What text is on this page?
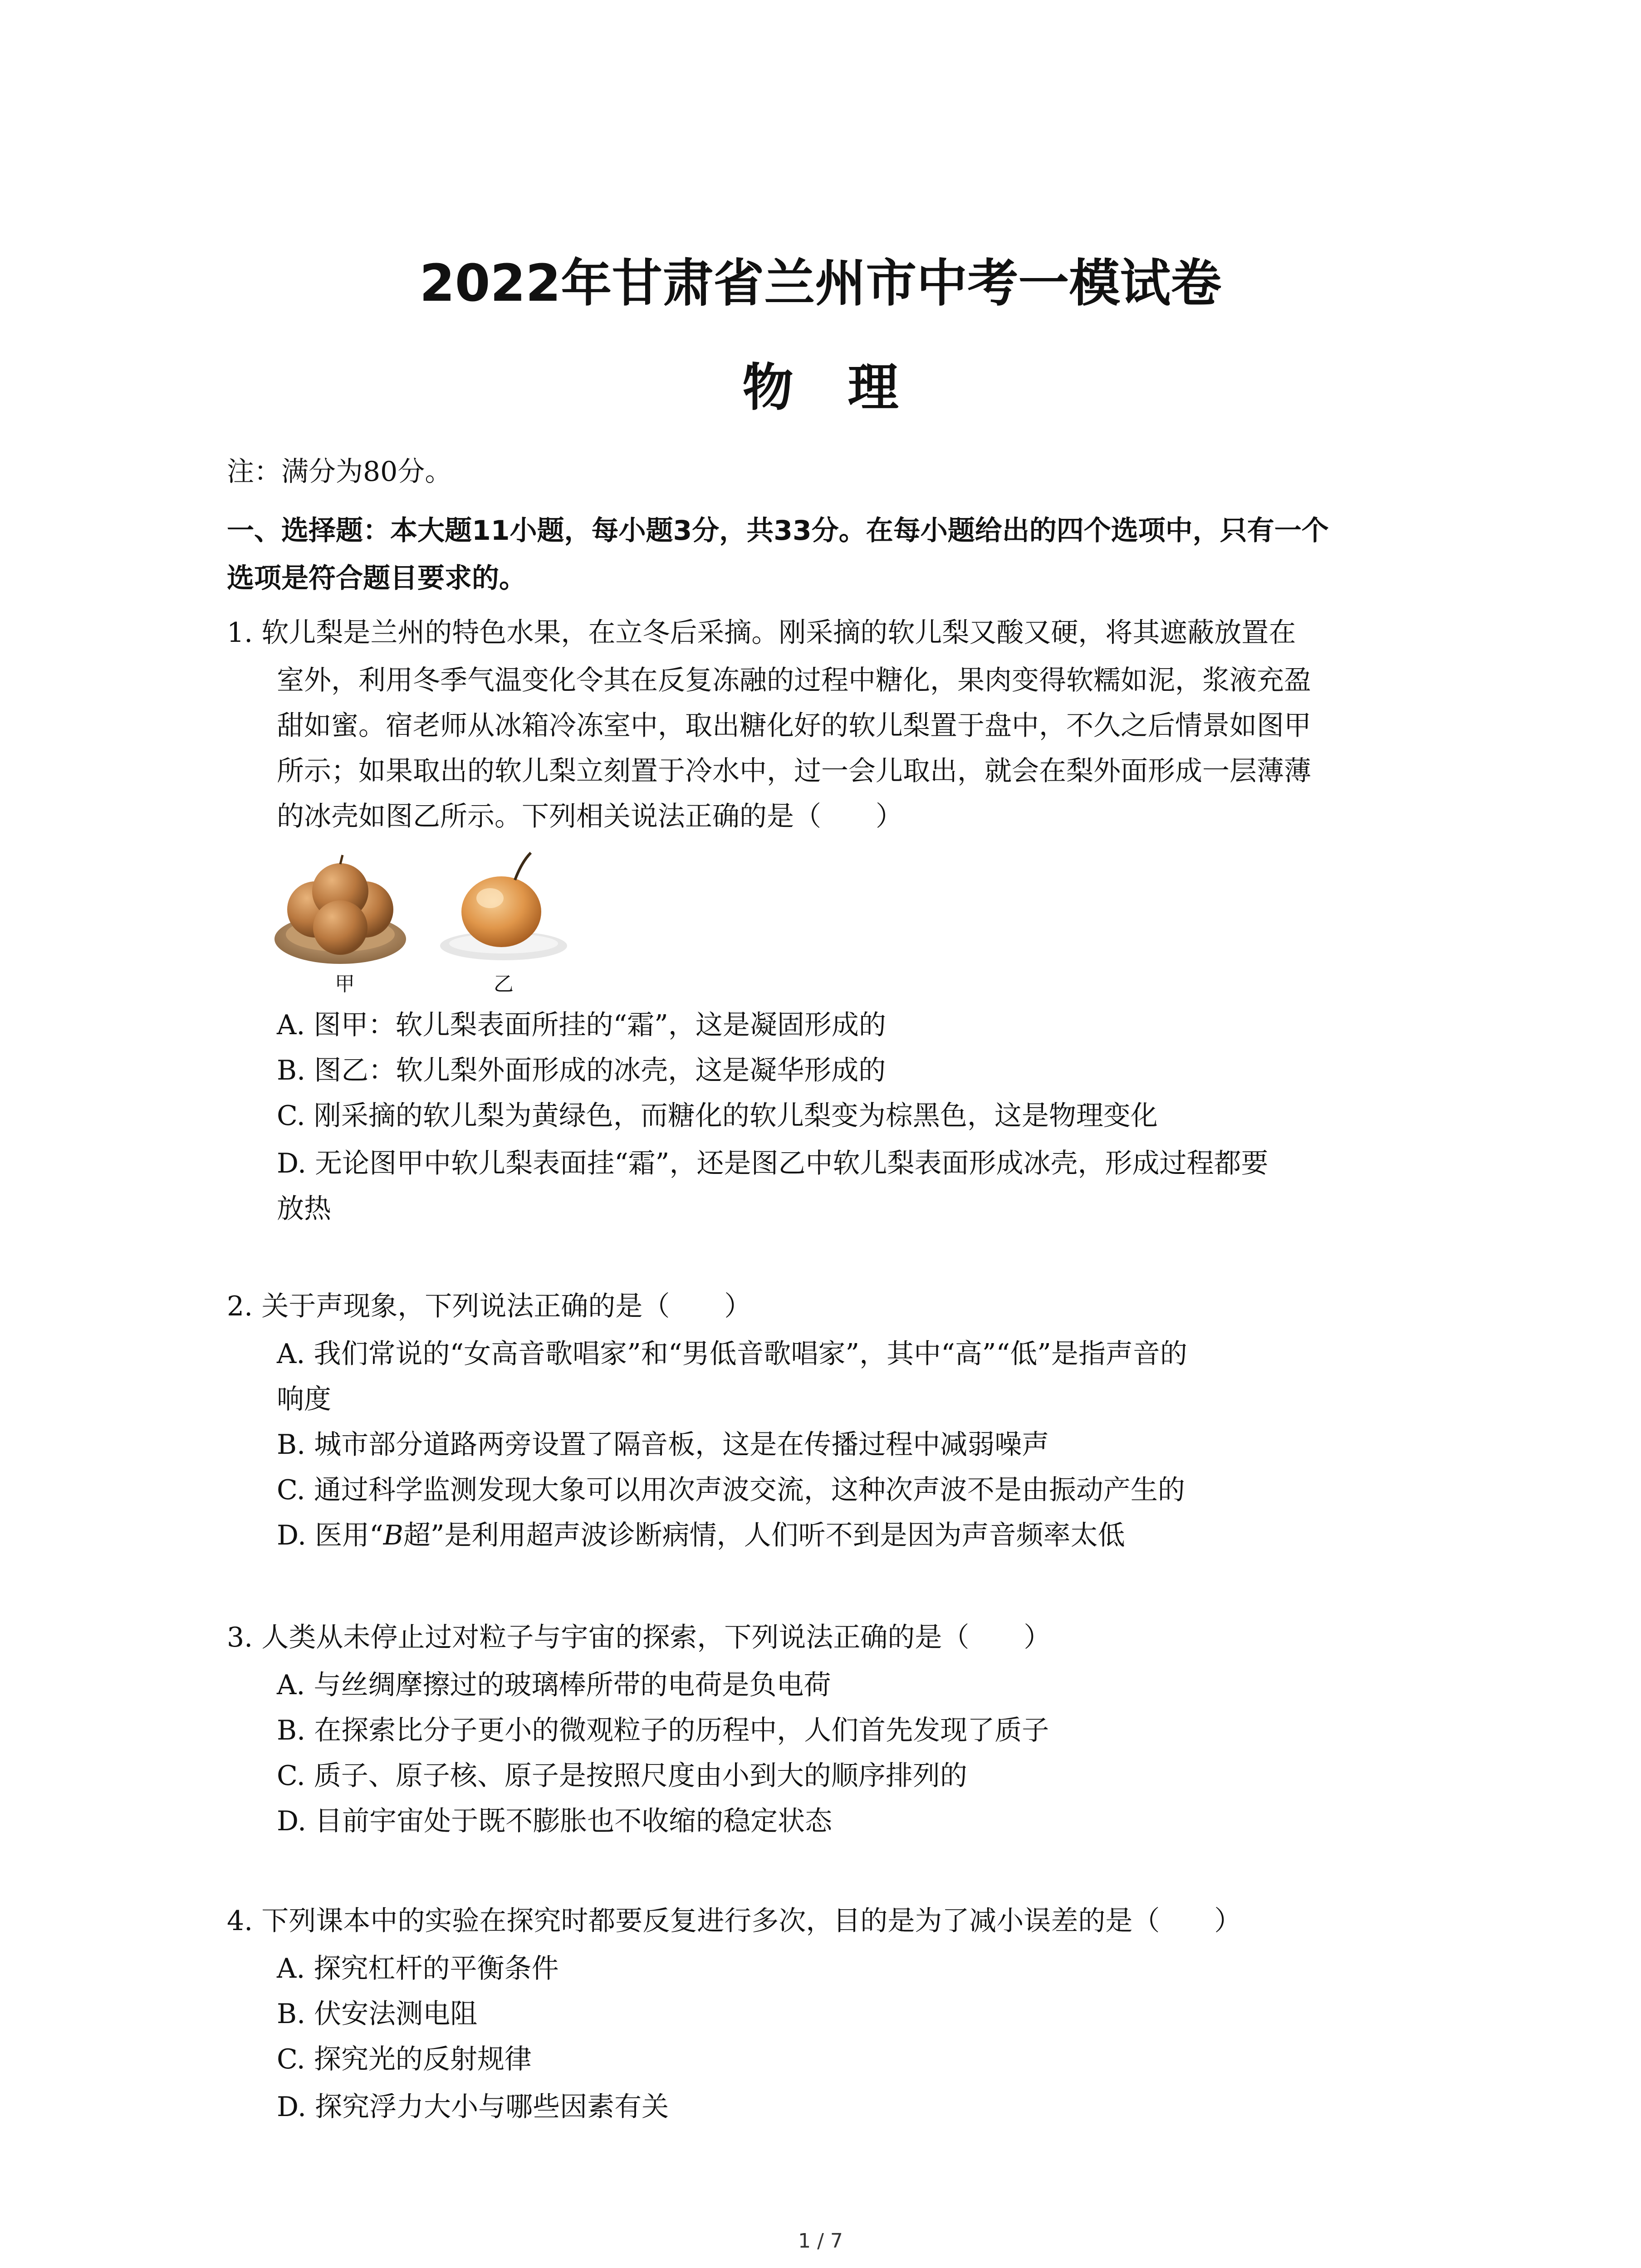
2022年甘肃省兰州市中考一模试卷
物理
注：满分为80分。
一、选择题：本大题11小题，每小题3分，共33分。在每小题给出的四个选项中，只有一个
选项是符合题目要求的。
1. 软儿梨是兰州的特色水果，在立冬后采摘。刚采摘的软儿梨又酸又硬，将其遮蔽放置在
室外，利用冬季气温变化令其在反复冻融的过程中糖化，果肉变得软糯如泥，浆液充盈
甜如蜜。宿老师从冰箱冷冻室中，取出糖化好的软儿梨置于盘中，不久之后情景如图甲
所示；如果取出的软儿梨立刻置于冷水中，过一会儿取出，就会在梨外面形成一层薄薄
的冰壳如图乙所示。下列相关说法正确的是（　　）
甲	乙
A. 图甲：软儿梨表面所挂的“霜”，这是凝固形成的
B. 图乙：软儿梨外面形成的冰壳，这是凝华形成的
C. 刚采摘的软儿梨为黄绿色，而糖化的软儿梨变为棕黑色，这是物理变化
D. 无论图甲中软儿梨表面挂“霜”，还是图乙中软儿梨表面形成冰壳，形成过程都要
放热
2. 关于声现象，下列说法正确的是（　　）
A. 我们常说的“女高音歌唱家”和“男低音歌唱家”，其中“高”“低”是指声音的
响度
B. 城市部分道路两旁设置了隔音板，这是在传播过程中减弱噪声
C. 通过科学监测发现大象可以用次声波交流，这种次声波不是由振动产生的
D. 医用“B超”是利用超声波诊断病情，人们听不到是因为声音频率太低
3. 人类从未停止过对粒子与宇宙的探索，下列说法正确的是（　　）
A. 与丝绸摩擦过的玻璃棒所带的电荷是负电荷
B. 在探索比分子更小的微观粒子的历程中，人们首先发现了质子
C. 质子、原子核、原子是按照尺度由小到大的顺序排列的
D. 目前宇宙处于既不膨胀也不收缩的稳定状态
4. 下列课本中的实验在探究时都要反复进行多次，目的是为了减小误差的是（　　）
A. 探究杠杆的平衡条件
B. 伏安法测电阻
C. 探究光的反射规律
D. 探究浮力大小与哪些因素有关
1 / 7
